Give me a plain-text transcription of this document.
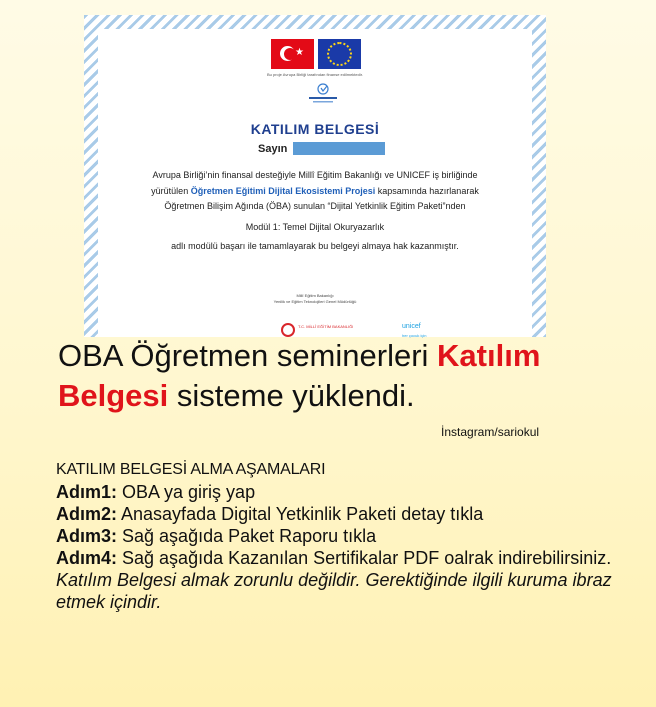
★
Bu proje Avrupa Birliği tarafından finanse edilmektedir.
KATILIM BELGESİ
Sayın
Avrupa Birliği’nin finansal desteğiyle Millî Eğitim Bakanlığı ve UNICEF iş birliğinde
yürütülen Öğretmen Eğitimi Dijital Ekosistemi Projesi kapsamında hazırlanarak
Öğretmen Bilişim Ağında (ÖBA) sunulan “Dijital Yetkinlik Eğitim Paketi”nden
Modül 1: Temel Dijital Okuryazarlık
adlı modülü başarı ile tamamlayarak bu belgeyi almaya hak kazanmıştır.
Millî Eğitim Bakanlığı
Yenilik ve Eğitim Teknolojileri Genel Müdürlüğü
T.C. MİLLÎ EĞİTİM BAKANLIĞI	unicef
her çocuk için
OBA Öğretmen seminerleri Katılım Belgesi sisteme yüklendi.
İnstagram/sariokul
KATILIM BELGESİ ALMA AŞAMALARI
Adım1: OBA ya giriş yap
Adım2: Anasayfada Digital Yetkinlik Paketi detay tıkla
Adım3: Sağ aşağıda Paket Raporu tıkla
Adım4: Sağ aşağıda Kazanılan Sertifikalar PDF oalrak indirebilirsiniz.
Katılım Belgesi almak zorunlu değildir. Gerektiğinde ilgili kuruma ibraz etmek içindir.
